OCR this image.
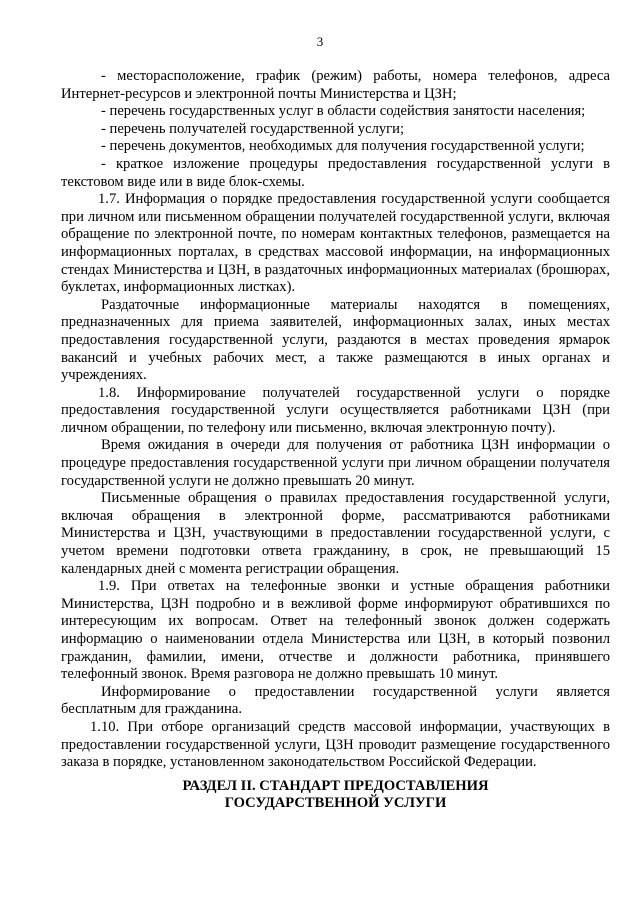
3

- месторасположение, график (режим) работы, номера телефонов, адреса Интернет-ресурсов и электронной почты Министерства и ЦЗН;

- перечень государственных услуг в области содействия занятости населения;

- перечень получателей государственной услуги;

- перечень документов, необходимых для получения государственной услуги;

- краткое изложение процедуры предоставления государственной услуги в текстовом виде или в виде блок-схемы.

1.7. Информация о порядке предоставления государственной услуги сообщается при личном или письменном обращении получателей государственной услуги, включая обращение по электронной почте, по номерам контактных телефонов, размещается на информационных порталах, в средствах массовой информации, на информационных стендах Министерства и ЦЗН, в раздаточных информационных материалах (брошюрах, буклетах, информационных листках).

Раздаточные информационные материалы находятся в помещениях, предназначенных для приема заявителей, информационных залах, иных местах предоставления государственной услуги, раздаются в местах проведения ярмарок вакансий и учебных рабочих мест, а также размещаются в иных органах и учреждениях.

1.8. Информирование получателей государственной услуги о порядке предоставления государственной услуги осуществляется работниками ЦЗН (при личном обращении, по телефону или письменно, включая электронную почту).

Время ожидания в очереди для получения от работника ЦЗН информации о процедуре предоставления государственной услуги при личном обращении получателя государственной услуги не должно превышать 20 минут.

Письменные обращения о правилах предоставления государственной услуги, включая обращения в электронной форме, рассматриваются работниками Министерства и ЦЗН, участвующими в предоставлении государственной услуги, с учетом времени подготовки ответа гражданину, в срок, не превышающий 15 календарных дней с момента регистрации обращения.

1.9. При ответах на телефонные звонки и устные обращения работники Министерства, ЦЗН подробно и в вежливой форме информируют обратившихся по интересующим их вопросам. Ответ на телефонный звонок должен содержать информацию о наименовании отдела Министерства или ЦЗН, в который позвонил гражданин, фамилии, имени, отчестве и должности работника, принявшего телефонный звонок. Время разговора не должно превышать 10 минут.

Информирование о предоставлении государственной услуги является бесплатным для гражданина.

1.10. При отборе организаций средств массовой информации, участвующих в предоставлении государственной услуги, ЦЗН проводит размещение государственного заказа в порядке, установленном законодательством Российской Федерации.

РАЗДЕЛ II. СТАНДАРТ ПРЕДОСТАВЛЕНИЯ
ГОСУДАРСТВЕННОЙ УСЛУГИ
